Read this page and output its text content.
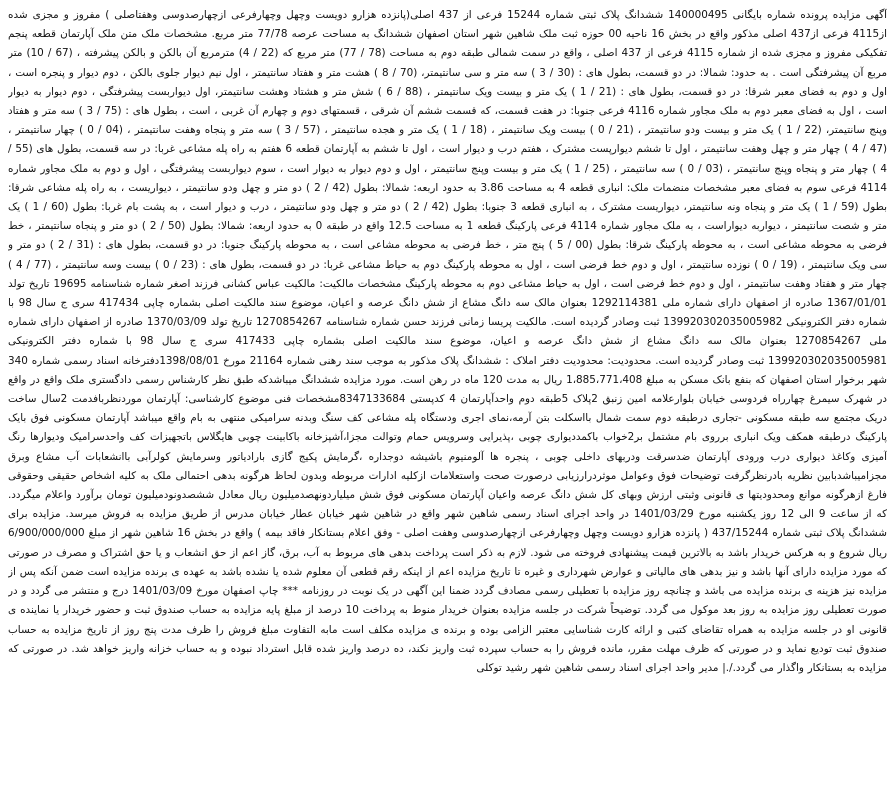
آگهی مزایده پرونده شماره بایگانی 140000495 ششدانگ پلاک ثبتی شماره 15244 فرعی از 437 اصلی(پانزده هزارو دویست وچهل وچهارفرعی ازچهارصدوسی وهفتاصلی ) مفروز و مجزی شده از4115 فرعی از437 اصلی مذکور واقع در بخش 16 ناحیه 00 حوزه ثبت ملک شاهین شهر استان اصفهان ششدانگ به مساحت عرصه 77/78 متر مربع. مشخصات ملک متن ملک آپارتمان قطعه پنجم تفکیکی مفروز و مجزی شده از شماره 4115 فرعی از 437 اصلی ، واقع در سمت شمالی طبقه دوم به مساحت (78 / 77) متر مربع که (22 / 4) مترمربع آن بالکن و بالکن پیشرفته ، (67 / 10) متر مربع آن پیشرفتگی است . به حدود: شمالا: در دو قسمت، بطول های : (30 / 3 ) سه متر و سی سانتیمتر، (70 / 8 ) هشت متر و هفتاد سانتیمتر ، اول نیم دیوار جلوی بالکن ، دوم دیوار و پنجره است ، اول و دوم به فضای معبر شرقا: در دو قسمت، بطول های : (21 / 1 ) یک متر و بیست ویک سانتیمتر ، (88 / 6 ) شش متر و هشتاد وهشت سانتیمتر، اول دیواربست پیشرفتگی ، دوم دیوار به دیوار است ، اول به فضای معبر دوم به ملک مجاور شماره 4116 فرعی جنوبا: در هفت قسمت، که قسمت ششم آن شرقی ، قسمتهای دوم و چهارم آن غربی ، است ، بطول های : (75 / 3 ) سه متر و هفتاد وپنج سانتیمتر، (22 / 1 ) یک متر و بیست ودو سانتیمتر ، (21 / 0 ) بیست ویک سانتیمتر ، (18 / 1 ) یک متر و هجده سانتیمتر ، (57 / 3 ) سه متر و پنجاه وهفت سانتیمتر ، (04 / 0 ) چهار سانتیمتر ، (47 / 4 ) چهار متر و چهل وهفت سانتیمتر ، اول تا ششم دیوارپست مشترک ، هفتم درب و دیوار است ، اول تا ششم به آپارتمان قطعه 6 هفتم به راه پله مشاعی غربا: در سه قسمت، بطول های (55 / 4 ) چهار متر و پنجاه وپنج سانتیمتر ، (03 / 0 ) سه سانتیمتر ، (25 / 1 ) یک متر و بیست وپنج سانتیمتر ، اول و دوم دیوار به دیوار است ، سوم دیواربست پیشرفتگی ، اول و دوم به ملک مجاور شماره 4114 فرعی سوم به فضای معبر مشخصات منضمات ملک: انباری قطعه 4 به مساحت 3.86 به حدود اربعه: شمالا: بطول (42 / 2 ) دو متر و چهل ودو سانتیمتر ، دیواریست ، به راه پله مشاعی شرقا: بطول (59 / 1 ) یک متر و پنجاه ونه سانتیمتر، دیواریست مشترک ، به انباری قطعه 3 جنوبا: بطول (42 / 2 ) دو متر و چهل ودو سانتیمتر ، درب و دیوار است ، به پشت بام غربا: بطول (60 / 1 ) یک متر و شصت سانتیمتر ، دیواربه دیواراست ، به ملک مجاور شماره 4114 فرعی پارکینگ قطعه 1 به مساحت 12.5 واقع در طبقه 0 به حدود اربعه: شمالا: بطول (50 / 2 ) دو متر و پنجاه سانتیمتر ، خط فرضی به محوطه مشاعی است ، به محوطه پارکینگ شرقا: بطول (00 / 5 ) پنج متر ، خط فرضی به محوطه مشاعی است ، به محوطه پارکینگ جنوبا: در دو قسمت، بطول های : (31 / 2 ) دو متر و سی ویک سانتیمتر ، (19 / 0 ) نوزده سانتیمتر ، اول و دوم خط فرضی است ، اول به محوطه پارکینگ دوم به حیاط مشاعی غربا: در دو قسمت، بطول های : (23 / 0 ) بیست وسه سانتیمتر ، (77 / 4 ) چهار متر و هفتاد وهفت سانتیمتر ، اول و دوم خط فرضی است ، اول به حیاط مشاعی دوم به محوطه پارکینگ مشخصات مالکیت: مالکیت عباس کشانی فرزند اصغر شماره شناسنامه 19695 تاریخ تولد 1367/01/01 صادره از اصفهان دارای شماره ملی 1292114381 بعنوان مالک سه دانگ مشاع از شش دانگ عرصه و اعیان، موضوع سند مالکیت اصلی بشماره چاپی 417434 سری ج سال 98 با شماره دفتر الکترونیکی 139920302035005982 ثبت وصادر گردیده است. مالکیت پریسا زمانی فرزند حسن شماره شناسنامه 1270854267 تاریخ تولد 1370/03/09 صادره از اصفهان دارای شماره ملی 1270854267 بعنوان مالک سه دانگ مشاع از شش دانگ عرصه و اعیان، موضوع سند مالکیت اصلی بشماره چاپی 417433 سری ج سال 98 با شماره دفتر الکترونیکی 139920302035005981 ثبت وصادر گردیده است. محدودیت: محدودیت دفتر املاک : ششدانگ پلاک مذکور به موجب سند رهنی شماره 21164 مورخ 1398/08/01دفترخانه اسناد رسمی شماره 340 شهر برخوار استان اصفهان که بنفع بانک مسکن به مبلغ 1،885،771،408 ریال به مدت 120 ماه در رهن است. مورد مزایده ششدانگ میباشدکه طبق نظر کارشناس رسمی دادگستری ملک واقع در واقع در شهرک سیمرغ چهارراه فردوسی خیابان بلوارعلامه امین زنبق 2پلاک 5طبقه دوم واحدآپارتمان 4 کدپستی 8347133684مشخصات فنی موضوع کارشناسی: آپارتمان موردنظربافدمت 2سال ساخت دریک مجتمع سه طبقه مسکونی -تجاری درطبقه دوم سمت شمال بااسکلت بتن آرمه،نمای اجری ودستگاه پله مشاعی کف سنگ وبدنه سرامیکی منتهی به بام واقع میباشد آپارتمان مسکونی فوق بایک پارکینگ درطبقه همکف ویک انباری برروی بام مشتمل بر2خواب باکمددیواری چوبی ،پذیرایی وسرویس حمام وتوالت مجزا،آشپزخانه باکابینت چوبی هایگلاس باتجهیزات کف واحدسرامیک ودیوارها رنگ آمیزی وکاغذ دیواری درب ورودی آپارتمان ضدسرقت ودربهای داخلی چوبی ، پنجره ها آلومنیوم باشیشه دوجداره ،گرمایش پکیج گازی بارادیاتور وسرمایش کولرآبی باانشعابات آب مشاع وبرق مجزامیباشدبابین نظریه بادرنظرگرفت توضیحات فوق وعوامل موثردرارزیابی درصورت صحت واستعلامات ازکلیه ادارات مربوطه وبدون لحاظ هرگونه بدهی احتمالی ملک به کلیه اشخاص حقیقی وحقوقی فارغ ازهرگونه موانع ومحدودیتها ی قانونی وثبتی ارزش وبهای کل شش دانگ عرصه واعیان آپارتمان مسکونی فوق شش میلیاردونهصدمیلیون ریال معادل ششصدونودمیلیون تومان برآورد واعلام میگردد. که از ساعت 9 الی 12 روز یکشنبه مورخ 1401/03/29 در واحد اجرای اسناد رسمی شاهین شهر واقع در شاهین شهر خیابان عطار خیابان مدرس از طریق مزایده به فروش میرسد. مزایده برای ششدانگ پلاک ثبتی شماره 437/15244 ( پانزده هزارو دویست وچهل وچهارفرعی ازچهارصدوسی وهفت اصلی - وفق اعلام بستانکار فاقد بیمه ) واقع در بخش 16 شاهین شهر از مبلغ 6/900/000/000 ریال شروع و به هرکس خریدار باشد به بالاترین قیمت پیشنهادی فروخته می شود. لازم به ذکر است پرداخت بدهی های مربوط به آب، برق، گاز اعم از حق انشعاب و یا حق اشتراک و مصرف در صورتی که مورد مزایده دارای آنها باشد و نیز بدهی های مالیاتی و عوارض شهرداری و غیره تا تاریخ مزایده اعم از اینکه رقم قطعی آن معلوم شده یا نشده باشد به عهده ی برنده مزایده است ضمن آنکه پس از مزایده نیز هزینه ی برنده مزایده می باشد و چنانچه روز مزایده با تعطیلی رسمی مصادف گردد ضمنا این آگهی در یک نوبت در روزنامه *** چاپ اصفهان مورخ 1401/03/09 درج و منتشر می گردد و در صورت تعطیلی روز مزایده به روز بعد موکول می گردد. توضیحاً شرکت در جلسه مزایده بعنوان خریدار منوط به پرداخت 10 درصد از مبلغ پایه مزایده به حساب صندوق ثبت و حضور خریدار یا نماینده ی قانونی او در جلسه مزایده به همراه تقاضای کتبی و ارائه کارت شناسایی معتبر الزامی بوده و برنده ی مزایده مکلف است مابه التفاوت مبلغ فروش را ظرف مدت پنج روز از تاریخ مزایده به حساب صندوق ثبت تودیع نماید و در صورتی که ظرف مهلت مقرر، مانده فروش را به حساب سپرده ثبت واریز نکند، ده درصد واریز شده قابل استرداد نبوده و به حساب خزانه واریز خواهد شد. در صورتی که مزایده به بستانکار واگذار می گردد./.| مدیر واحد اجرای اسناد رسمی شاهین شهر رشید توکلی
